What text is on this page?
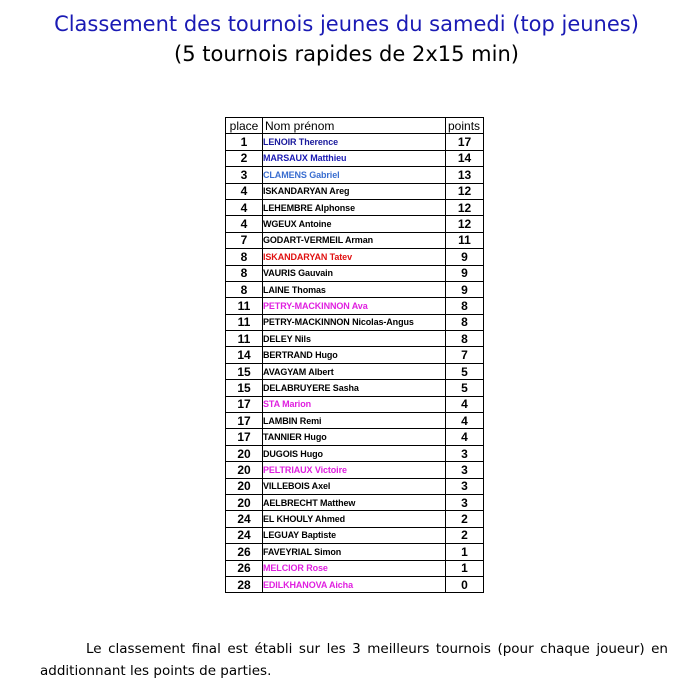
Classement des tournois jeunes du samedi (top jeunes)
(5 tournois rapides de 2x15 min)
place	Nom prénom	points
1	LENOIR Therence	17
2	MARSAUX Matthieu	14
3	CLAMENS Gabriel	13
4	ISKANDARYAN Areg	12
4	LEHEMBRE Alphonse	12
4	WGEUX Antoine	12
7	GODART-VERMEIL Arman	11
8	ISKANDARYAN Tatev	9
8	VAURIS Gauvain	9
8	LAINE Thomas	9
11	PETRY-MACKINNON Ava	8
11	PETRY-MACKINNON Nicolas-Angus	8
11	DELEY Nils	8
14	BERTRAND Hugo	7
15	AVAGYAM Albert	5
15	DELABRUYERE Sasha	5
17	STA Marion	4
17	LAMBIN Remi	4
17	TANNIER Hugo	4
20	DUGOIS Hugo	3
20	PELTRIAUX Victoire	3
20	VILLEBOIS Axel	3
20	AELBRECHT Matthew	3
24	EL KHOULY Ahmed	2
24	LEGUAY Baptiste	2
26	FAVEYRIAL Simon	1
26	MELCIOR Rose	1
28	EDILKHANOVA Aicha	0

Le classement final est établi sur les 3 meilleurs tournois (pour chaque joueur) en additionnant les points de parties.
